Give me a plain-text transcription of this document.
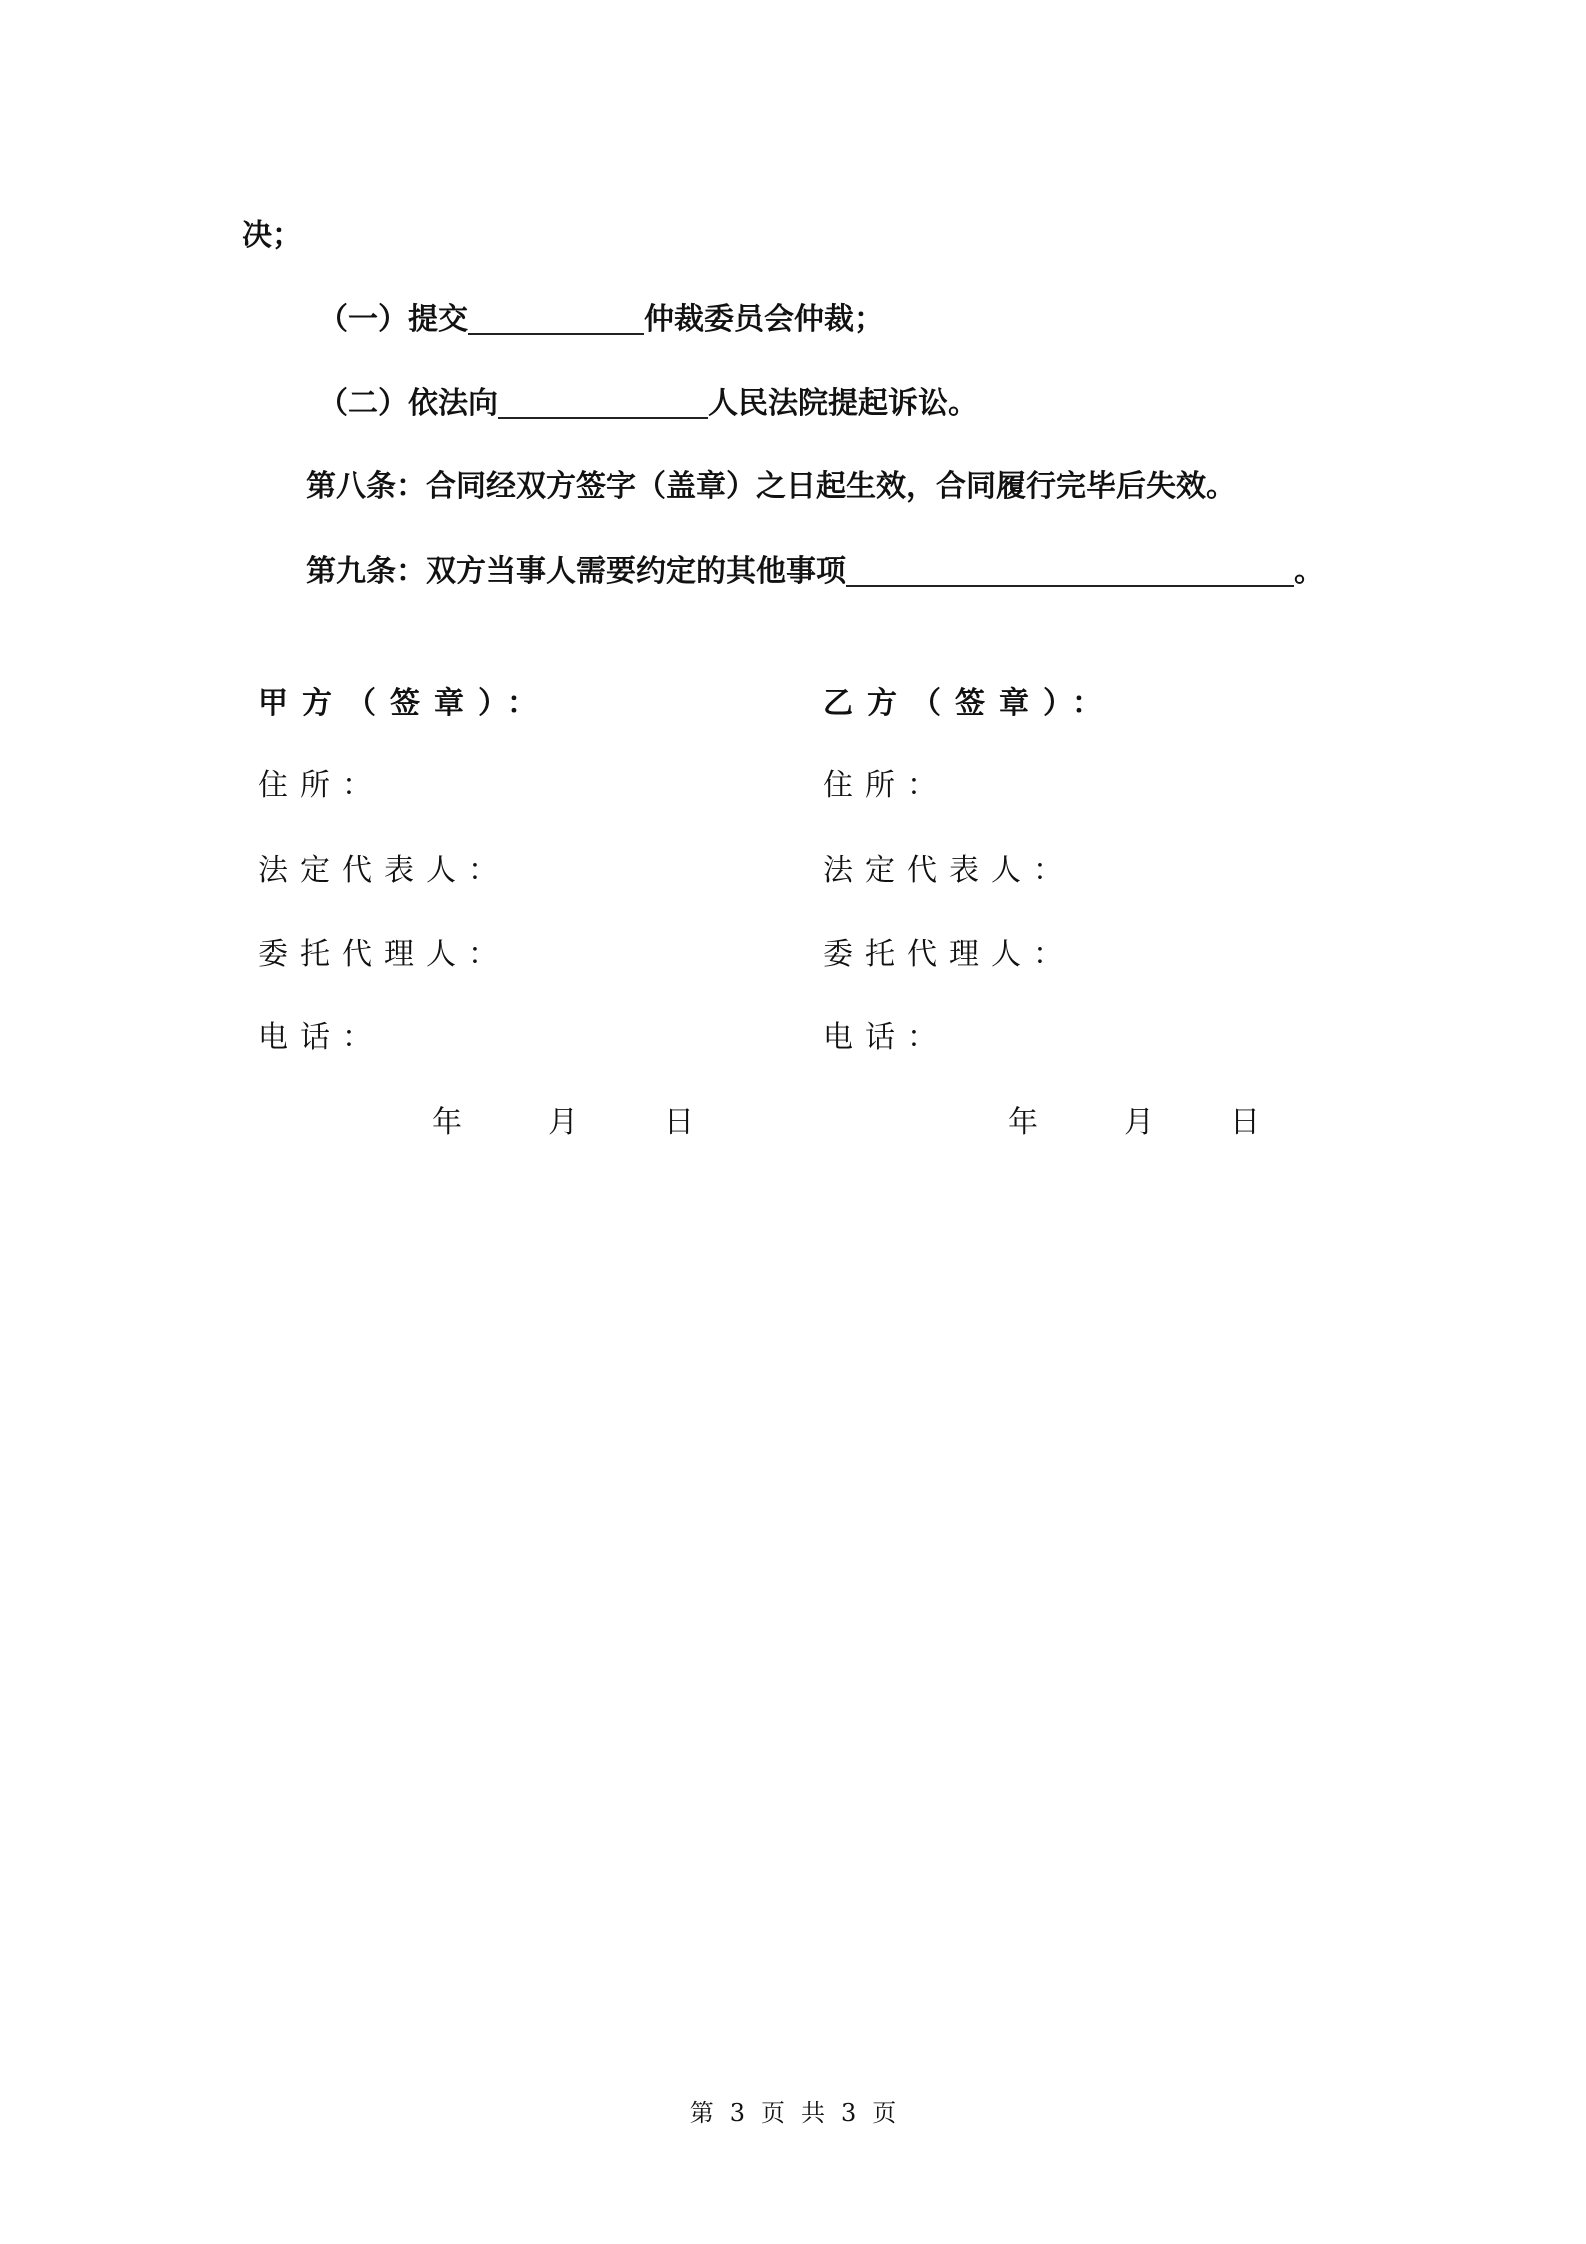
决；
（一）提交	仲裁委员会仲裁；
（二）依法向	人民法院提起诉讼。
第八条：合同经双方签字（盖章）之日起生效，合同履行完毕后失效。
第九条：双方当事人需要约定的其他事项	。
甲方（签章）：
住所：
法定代表人：
委托代理人：
电话：
年 月 日
乙方（签章）：
住所：
法定代表人：
委托代理人：
电话：
年 月 日
第 3 页 共 3 页
